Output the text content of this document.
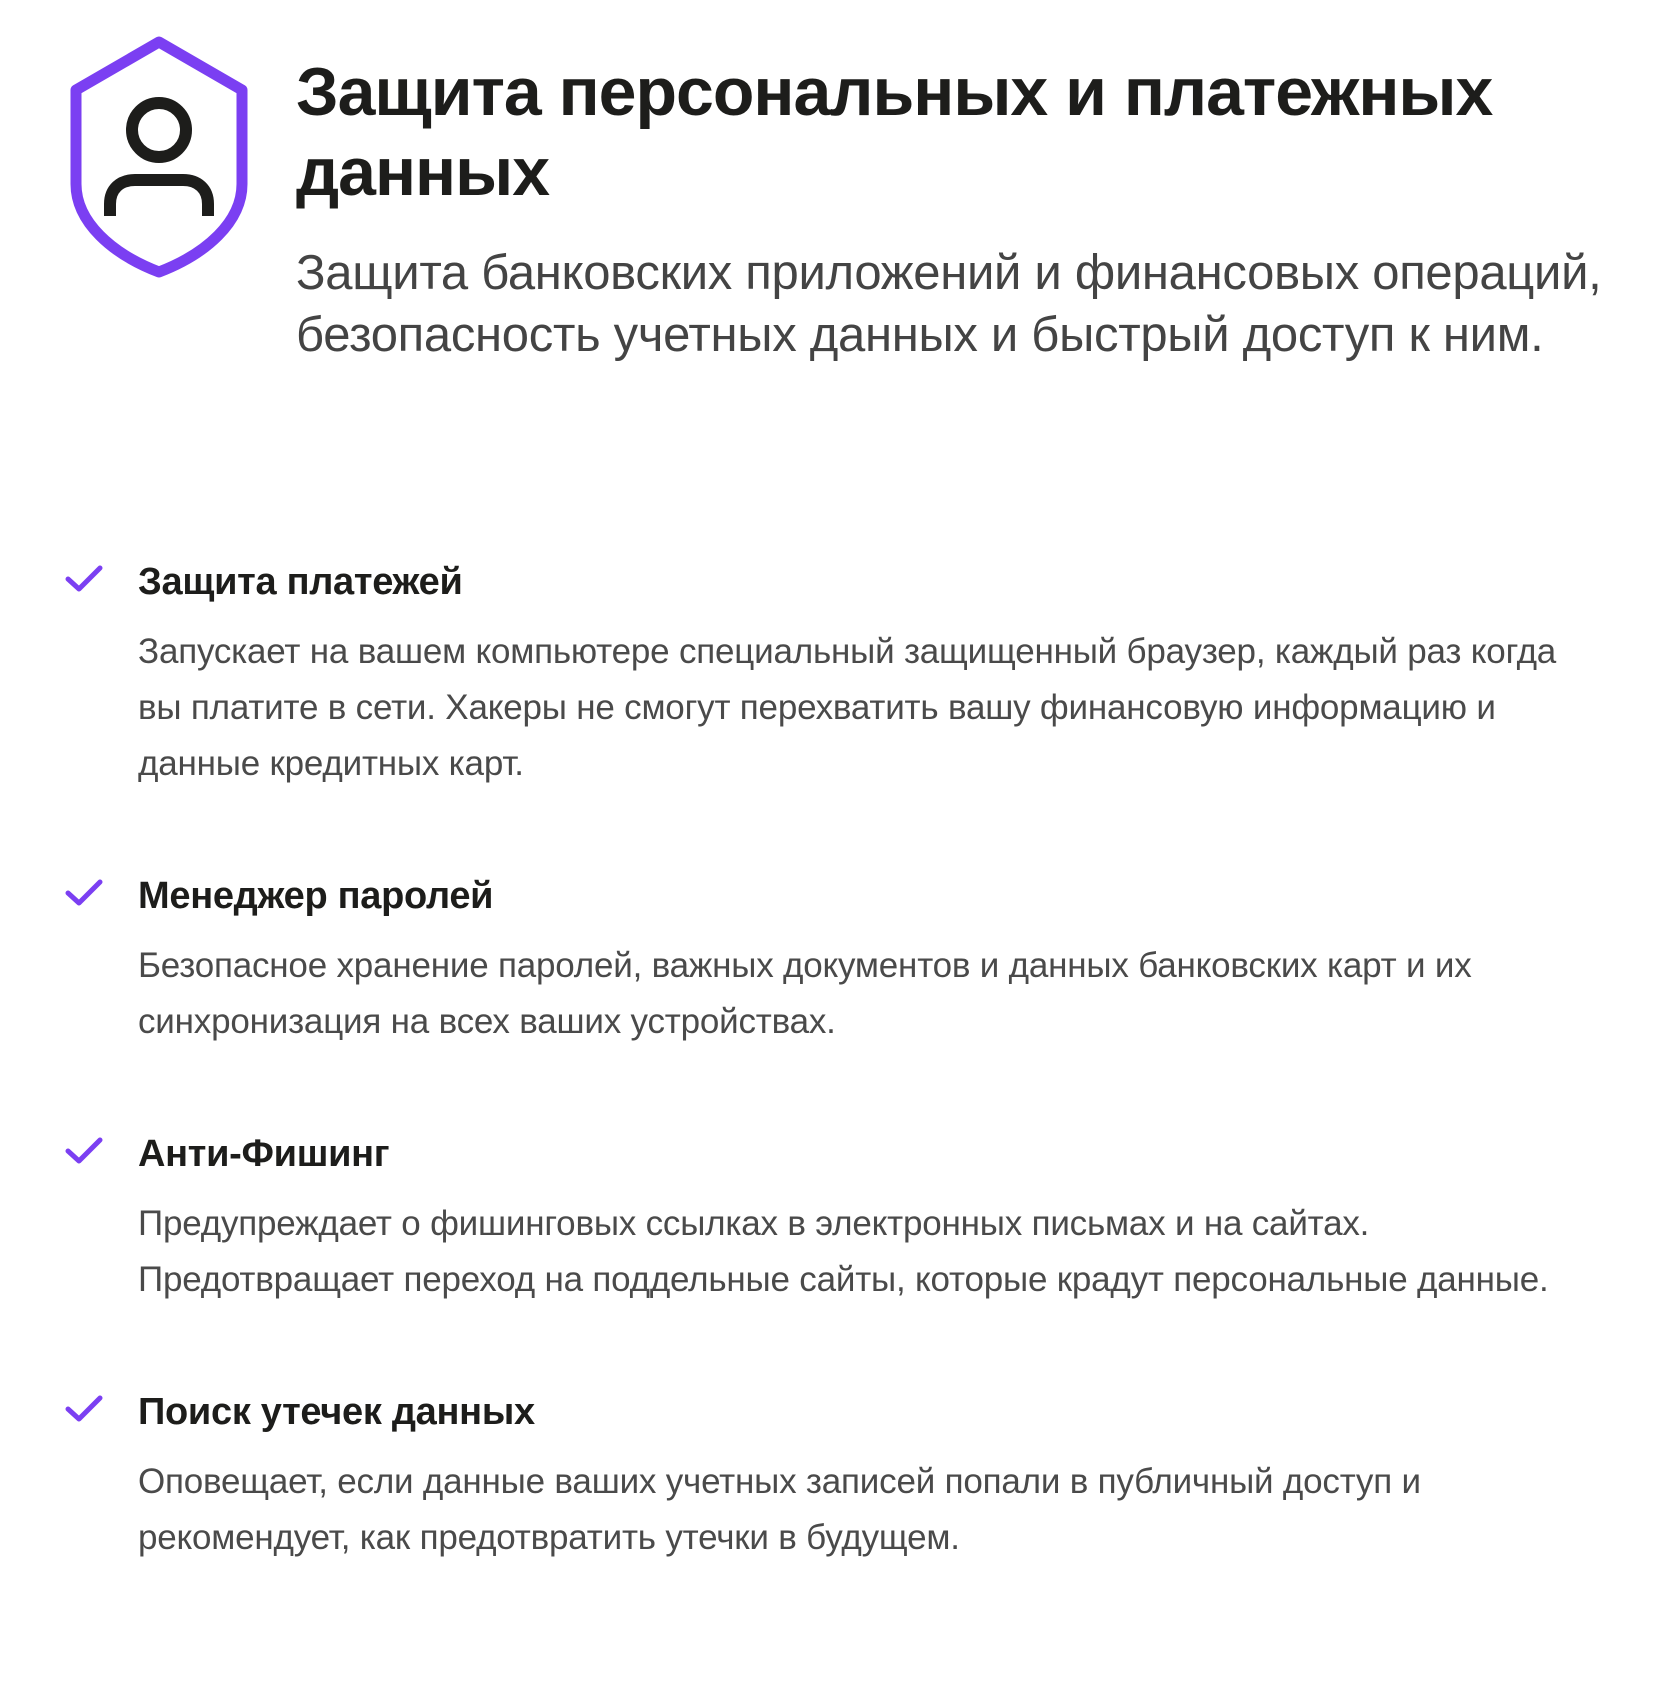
Защита персональных и платежных данных

Защита банковских приложений и финансовых операций, безопасность учетных данных и быстрый доступ к ним.

Защита платежей

Запускает на вашем компьютере специальный защищенный браузер, каждый раз когда вы платите в сети. Хакеры не смогут перехватить вашу финансовую информацию и данные кредитных карт.

Менеджер паролей

Безопасное хранение паролей, важных документов и данных банковских карт и их синхронизация на всех ваших устройствах.

Анти-Фишинг

Предупреждает о фишинговых ссылках в электронных письмах и на сайтах. Предотвращает переход на поддельные сайты, которые крадут персональные данные.

Поиск утечек данных

Оповещает, если данные ваших учетных записей попали в публичный доступ и рекомендует, как предотвратить утечки в будущем.
